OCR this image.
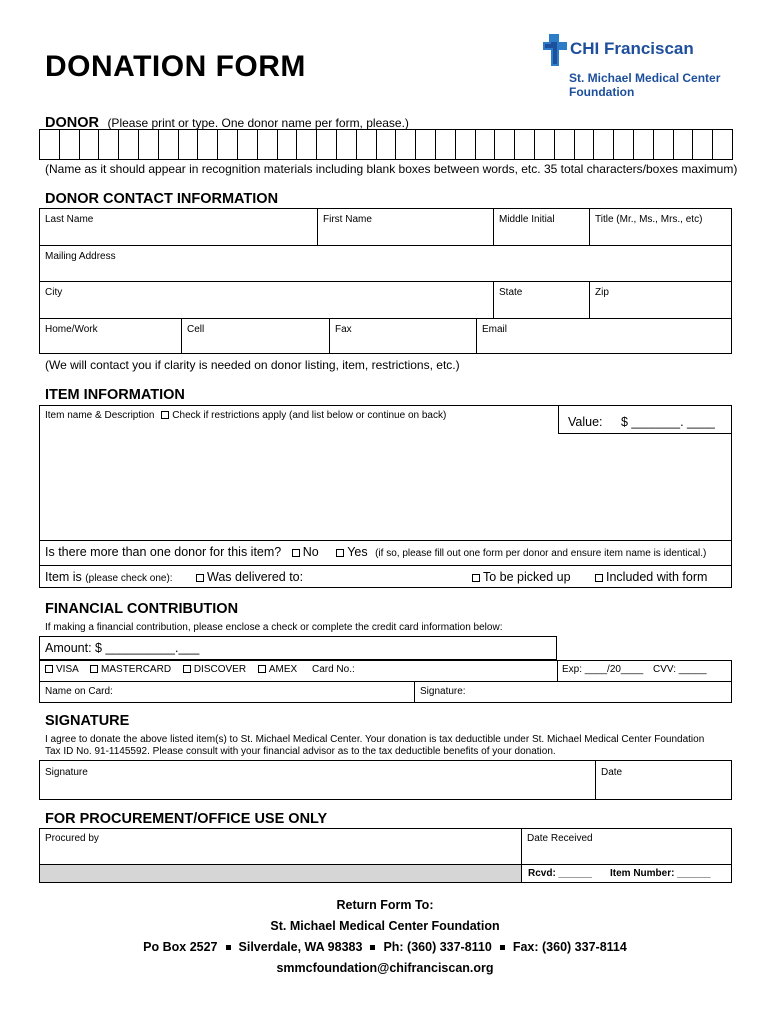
DONATION FORM
CHI Franciscan
St. Michael Medical Center
Foundation
DONOR (Please print or type. One donor name per form, please.)
(Name as it should appear in recognition materials including blank boxes between words, etc. 35 total characters/boxes maximum)
DONOR CONTACT INFORMATION
Last Name	First Name	Middle Initial	Title (Mr., Ms., Mrs., etc)
Mailing Address
City	State	Zip
Home/Work	Cell	Fax	Email
(We will contact you if clarity is needed on donor listing, item, restrictions, etc.)
ITEM INFORMATION
Item name & Description Check if restrictions apply (and list below or continue on back)	Value: $ _______. ____
Is there more than one donor for this item? No Yes (if so, please fill out one form per donor and ensure item name is identical.)
Item is (please check one):	Was delivered to:	To be picked up	Included with form
FINANCIAL CONTRIBUTION
If making a financial contribution, please enclose a check or complete the credit card information below:
Amount: $ __________.___
VISA MASTERCARD DISCOVER AMEX Card No.:	Exp: ____/20____ CVV: _____
Name on Card:	Signature:
SIGNATURE
I agree to donate the above listed item(s) to St. Michael Medical Center. Your donation is tax deductible under St. Michael Medical Center Foundation
Tax ID No. 91-1145592. Please consult with your financial advisor as to the tax deductible benefits of your donation.
Signature	Date
FOR PROCUREMENT/OFFICE USE ONLY
Procured by	Date Received
Rcvd: ______ Item Number: ______
Return Form To:
St. Michael Medical Center Foundation
Po Box 2527 Silverdale, WA 98383 Ph: (360) 337-8110 Fax: (360) 337-8114
smmcfoundation@chifranciscan.org
